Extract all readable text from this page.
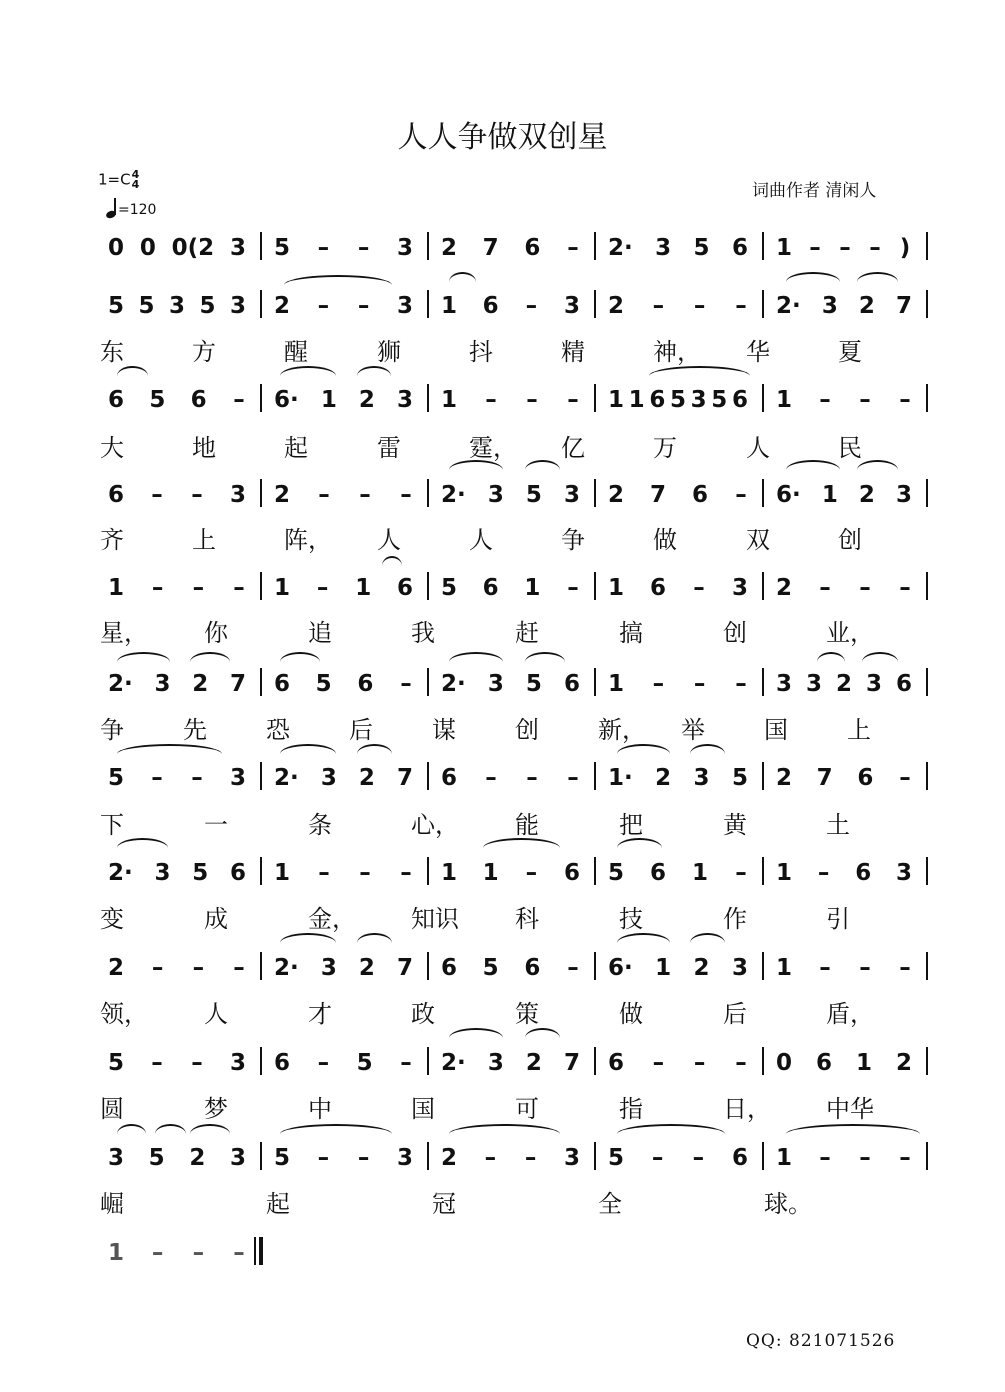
人人争做双创星
1=C4
4
=120
词曲作者 清闲人
0 0 0(2 3 5 – – 3 2 7 6 – 2· 3 5 6 1 – – – )
5 5 3 5 3 2 – – 3 1 6 – 3 2 – – – 2· 3 2 7
东	方	醒	狮	抖	精	神， 华	夏
6 5 6 – 6· 1 2 3 1 – – – 1 1 6 5 3 5 6 1 – – –
大	地	起	雷	霆， 亿	万	人	民
6 – – 3 2 – – – 2· 3 5 3 2 7 6 – 6· 1 2 3
齐	上	阵， 人	人	争	做	双	创
1 – – – 1 – 1 6 5 6 1 – 1 6 – 3 2 – – –
星， 你	追	我	赶	搞	创	业，
2· 3 2 7 6 5 6 – 2· 3 5 6 1 – – – 3 3 2 3 6
争 先 恐 后 谋 创 新， 举 国 上
5 – – 3 2· 3 2 7 6 – – – 1· 2 3 5 2 7 6 –
下	一	条	心， 能	把	黄	土
2· 3 5 6 1 – – – 1 1 – 6 5 6 1 – 1 – 6 3
变	成	金， 知识 科	技	作	引
2 – – – 2· 3 2 7 6 5 6 – 6· 1 2 3 1 – – –
领， 人	才	政	策	做	后	盾，
5 – – 3 6 – 5 – 2· 3 2 7 6 – – – 0 6 1 2
圆	梦	中	国	可	指	日， 中华
3 5 2 3 5 – – 3 2 – – 3 5 – – 6 1 – – –
崛	起	冠	全	球。
1 – – –
QQ: 821071526
